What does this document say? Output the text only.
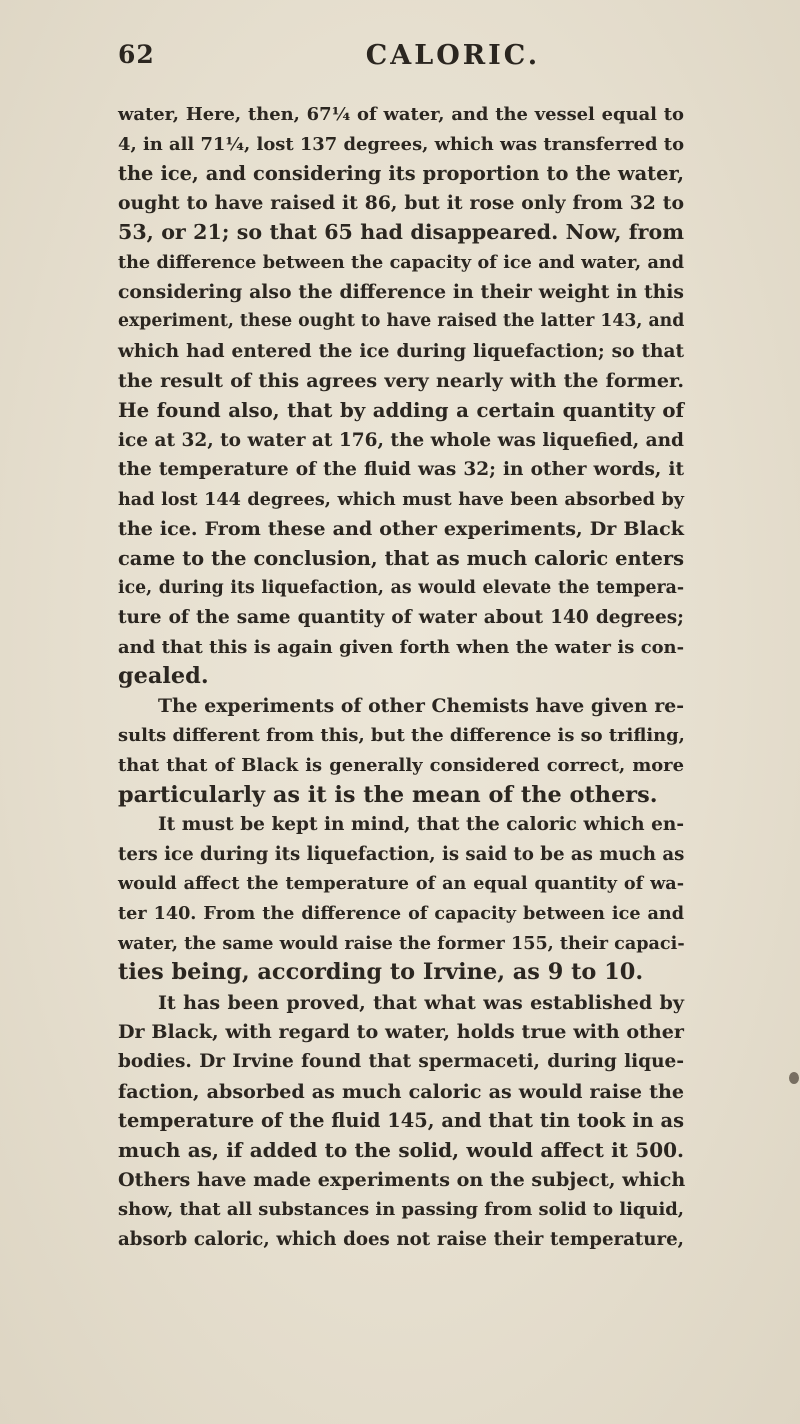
62	CALORIC.
water, Here, then, 67¼ of water, and the vessel equal to
4, in all 71¼, lost 137 degrees, which was transferred to
the ice, and considering its proportion to the water,
ought to have raised it 86, but it rose only from 32 to
53, or 21; so that 65 had disappeared. Now, from
the difference between the capacity of ice and water, and
considering also the difference in their weight in this
experiment, these ought to have raised the latter 143, and
which had entered the ice during liquefaction; so that
the result of this agrees very nearly with the former.
He found also, that by adding a certain quantity of
ice at 32, to water at 176, the whole was liquefied, and
the temperature of the fluid was 32; in other words, it
had lost 144 degrees, which must have been absorbed by
the ice. From these and other experiments, Dr Black
came to the conclusion, that as much caloric enters
ice, during its liquefaction, as would elevate the tempera-
ture of the same quantity of water about 140 degrees;
and that this is again given forth when the water is con-
gealed.
The experiments of other Chemists have given re-
sults different from this, but the difference is so trifling,
that that of Black is generally considered correct, more
particularly as it is the mean of the others.
It must be kept in mind, that the caloric which en-
ters ice during its liquefaction, is said to be as much as
would affect the temperature of an equal quantity of wa-
ter 140. From the difference of capacity between ice and
water, the same would raise the former 155, their capaci-
ties being, according to Irvine, as 9 to 10.
It has been proved, that what was established by
Dr Black, with regard to water, holds true with other
bodies. Dr Irvine found that spermaceti, during lique-
faction, absorbed as much caloric as would raise the
temperature of the fluid 145, and that tin took in as
much as, if added to the solid, would affect it 500.
Others have made experiments on the subject, which
show, that all substances in passing from solid to liquid,
absorb caloric, which does not raise their temperature,
